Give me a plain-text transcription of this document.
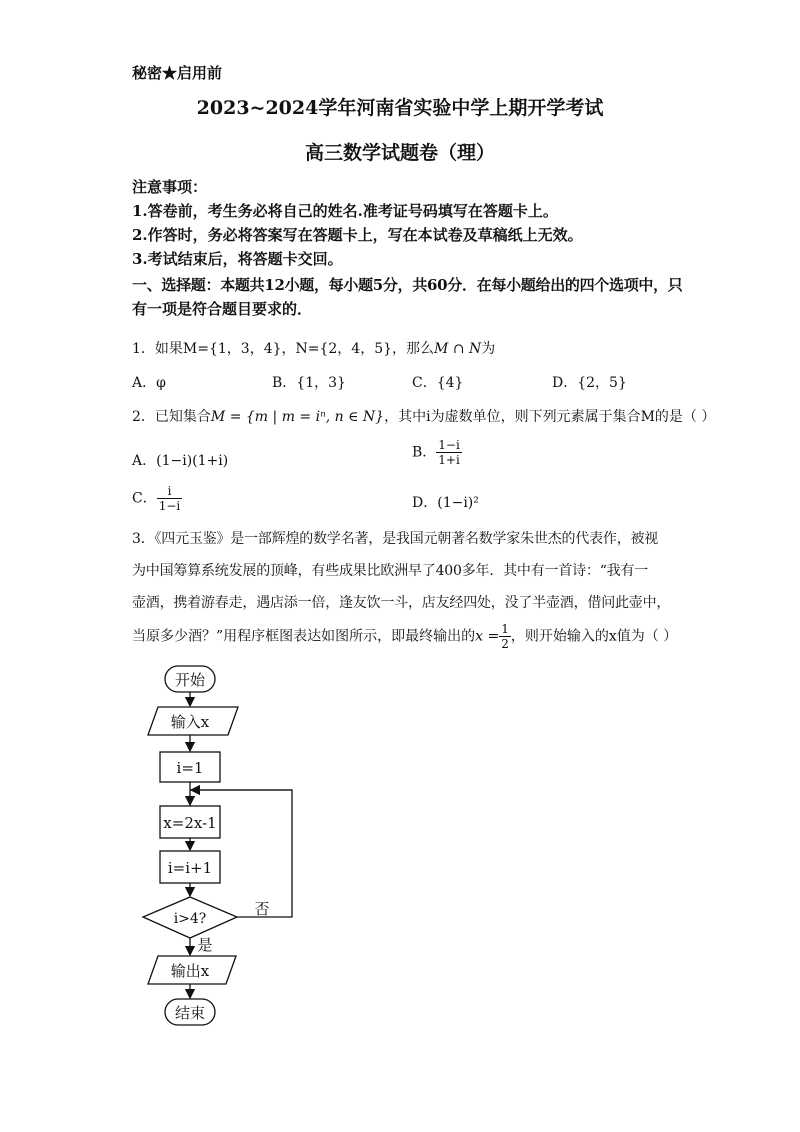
秘密★启用前
2023~2024学年河南省实验中学上期开学考试
高三数学试题卷（理）
注意事项：
1.答卷前，考生务必将自己的姓名.准考证号码填写在答题卡上。
2.作答时，务必将答案写在答题卡上，写在本试卷及草稿纸上无效。
3.考试结束后，将答题卡交回。
一、选择题：本题共12小题，每小题5分，共60分．在每小题给出的四个选项中，只
有一项是符合题目要求的．
1．如果M={1，3，4}，N={2，4，5}，那么M ∩ N为
A．φ	B．{1，3}	C．{4}	D．{2，5}
2．已知集合M = {m | m = iⁿ, n ∈ N}，其中i为虚数单位，则下列元素属于集合M的是（ ）
A．(1−i)(1+i)
B． $\frac{1-i}{1+i}$
C． $\frac{i}{1-i}$	D．(1−i)²
3．《四元玉鉴》是一部辉煌的数学名著，是我国元朝著名数学家朱世杰的代表作，被视
为中国筹算系统发展的顶峰，有些成果比欧洲早了400多年．其中有一首诗：“我有一
壶酒，携着游春走，遇店添一倍，逢友饮一斗，店友经四处，没了半壶酒，借问此壶中，
当原多少酒？”用程序框图表达如图所示，即最终输出的$x = \frac{1}{2}$ ，则开始输入的x值为（ ）
开始
输入x
i=1
x=2x-1
i=i+1
i>4?
否
是
输出x
结束
